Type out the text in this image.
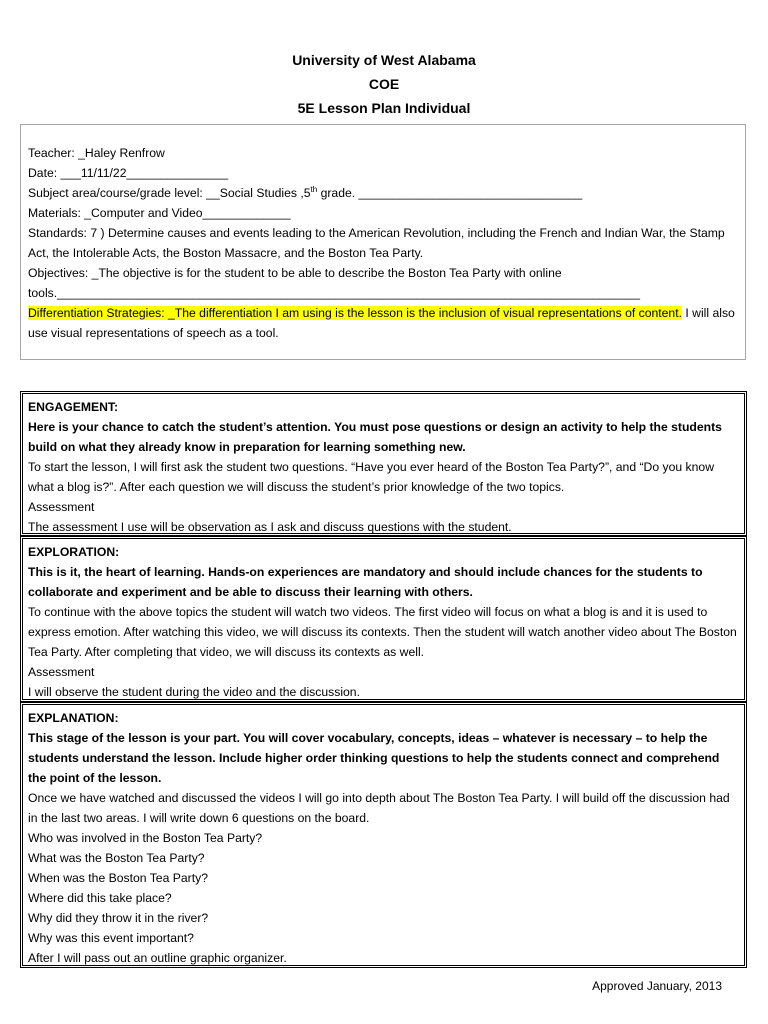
University of West Alabama
COE
5E Lesson Plan Individual
Teacher: _Haley Renfrow
Date: ___11/11/22_______________
Subject area/course/grade level: __Social Studies ,5th grade. _________________________________
Materials: _Computer and Video_____________
Standards: 7 ) Determine causes and events leading to the American Revolution, including the French and Indian War, the Stamp Act, the Intolerable Acts, the Boston Massacre, and the Boston Tea Party.
Objectives: _The objective is for the student to be able to describe the Boston Tea Party with online
tools.______________________________________________________________________________________
Differentiation Strategies: _The differentiation I am using is the lesson is the inclusion of visual representations of content. I will also use visual representations of speech as a tool.
ENGAGEMENT:
Here is your chance to catch the student’s attention. You must pose questions or design an activity to help the students build on what they already know in preparation for learning something new.
To start the lesson, I will first ask the student two questions. “Have you ever heard of the Boston Tea Party?”, and “Do you know what a blog is?”. After each question we will discuss the student’s prior knowledge of the two topics.
Assessment
The assessment I use will be observation as I ask and discuss questions with the student.
EXPLORATION:
This is it, the heart of learning. Hands-on experiences are mandatory and should include chances for the students to collaborate and experiment and be able to discuss their learning with others.
To continue with the above topics the student will watch two videos. The first video will focus on what a blog is and it is used to express emotion. After watching this video, we will discuss its contexts. Then the student will watch another video about The Boston Tea Party. After completing that video, we will discuss its contexts as well.
Assessment
I will observe the student during the video and the discussion.
EXPLANATION:
This stage of the lesson is your part. You will cover vocabulary, concepts, ideas – whatever is necessary – to help the students understand the lesson. Include higher order thinking questions to help the students connect and comprehend the point of the lesson.
Once we have watched and discussed the videos I will go into depth about The Boston Tea Party. I will build off the discussion had in the last two areas. I will write down 6 questions on the board.
Who was involved in the Boston Tea Party?
What was the Boston Tea Party?
When was the Boston Tea Party?
Where did this take place?
Why did they throw it in the river?
Why was this event important?
After I will pass out an outline graphic organizer.
Approved January, 2013
